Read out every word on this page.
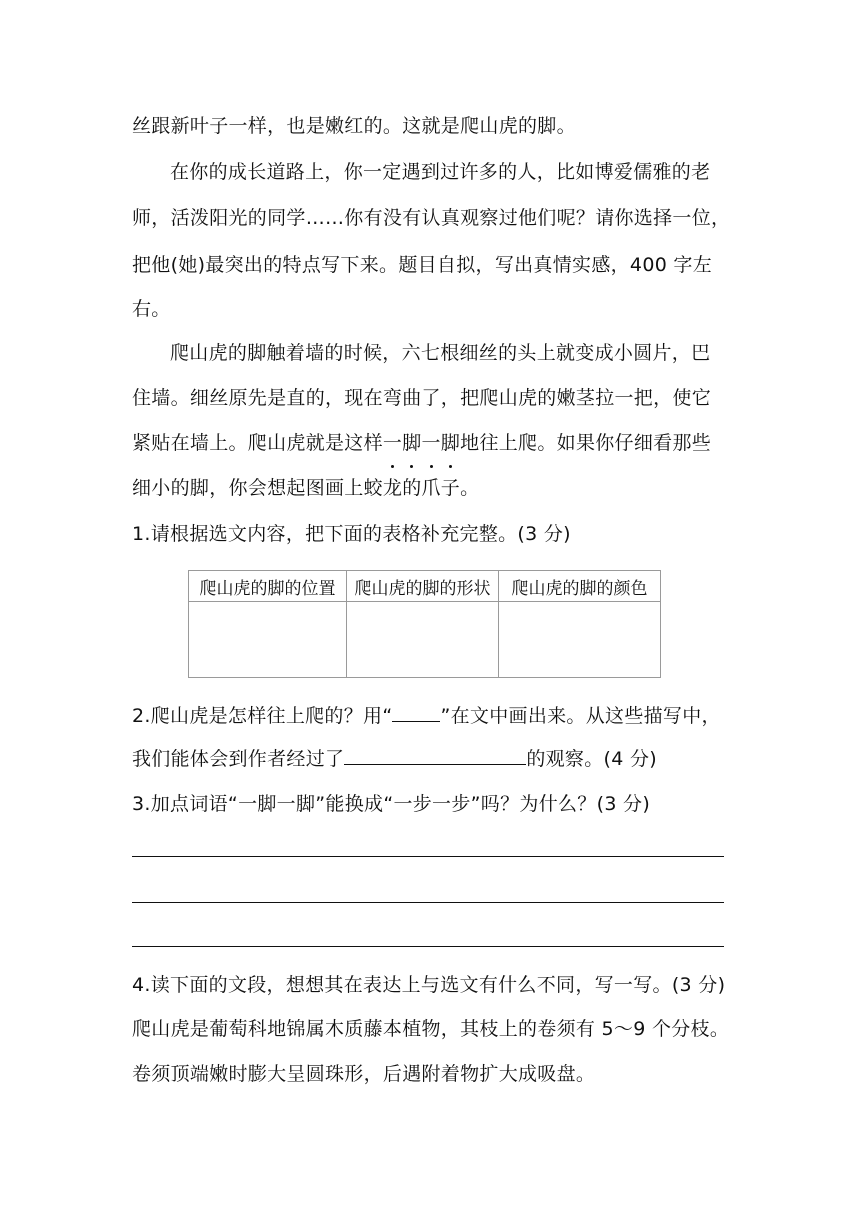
丝跟新叶子一样，也是嫩红的。这就是爬山虎的脚。
在你的成长道路上，你一定遇到过许多的人，比如博爱儒雅的老
师，活泼阳光的同学……你有没有认真观察过他们呢？请你选择一位，
把他(她)最突出的特点写下来。题目自拟，写出真情实感，400 字左
右。
爬山虎的脚触着墙的时候，六七根细丝的头上就变成小圆片，巴
住墙。细丝原先是直的，现在弯曲了，把爬山虎的嫩茎拉一把，使它
紧贴在墙上。爬山虎就是这样一
脚
一
脚
地往上爬。如果你仔细看那些
细小的脚，你会想起图画上蛟龙的爪子。
1.请根据选文内容，把下面的表格补充完整。(3 分)
爬山虎的脚的位置	爬山虎的脚的形状	爬山虎的脚的颜色

2.爬山虎是怎样往上爬的？用“	”在文中画出来。从这些描写中，
我们能体会到作者经过了	的观察。(4 分)
3.加点词语“一脚一脚”能换成“一步一步”吗？为什么？(3 分)
4.读下面的文段，想想其在表达上与选文有什么不同，写一写。(3 分)
爬山虎是葡萄科地锦属木质藤本植物，其枝上的卷须有 5～9 个分枝。
卷须顶端嫩时膨大呈圆珠形，后遇附着物扩大成吸盘。
